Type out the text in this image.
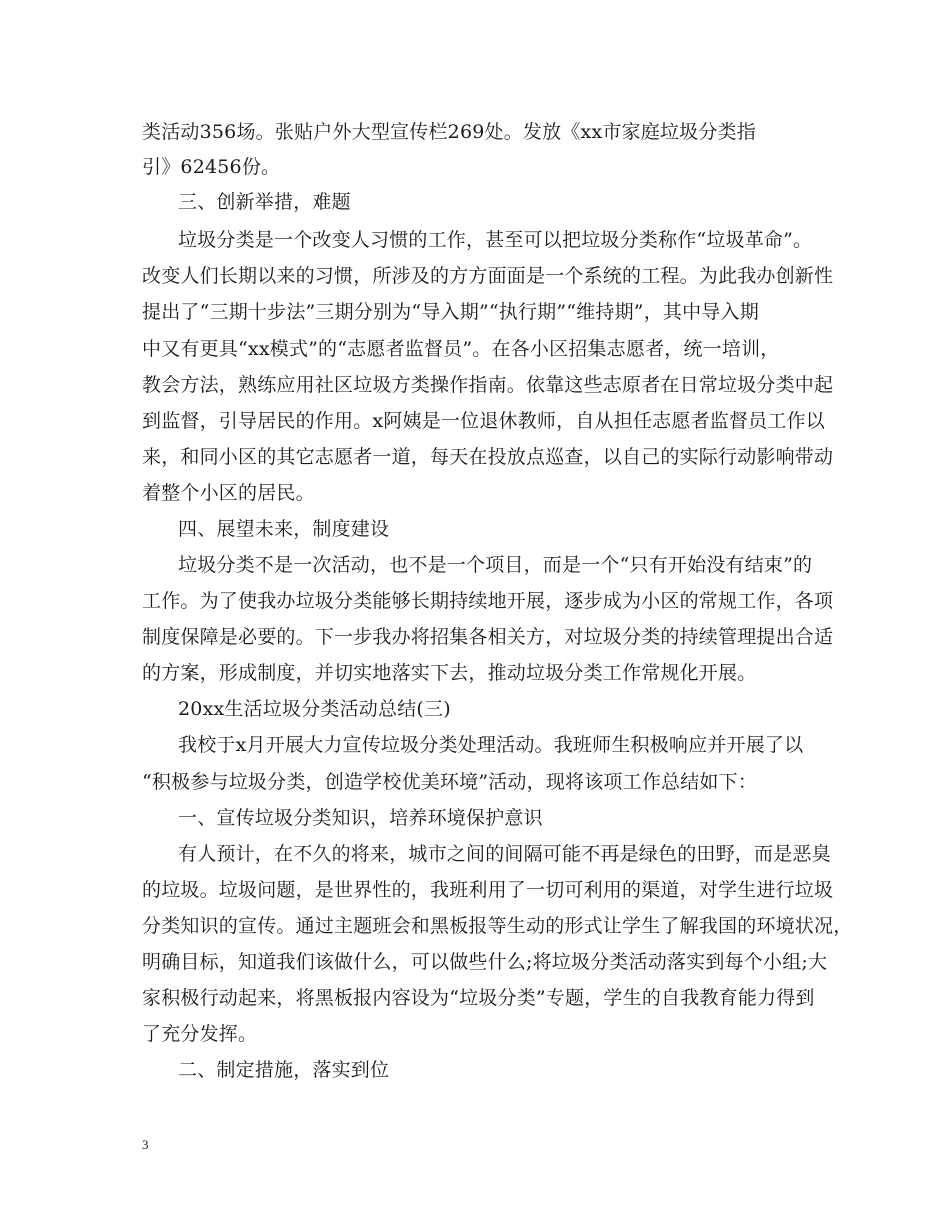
类活动356场。张贴户外大型宣传栏269处。发放《xx市家庭垃圾分类指
引》62456份。
三、创新举措，难题
垃圾分类是一个改变人习惯的工作，甚至可以把垃圾分类称作“垃圾革命”。
改变人们长期以来的习惯，所涉及的方方面面是一个系统的工程。为此我办创新性
提出了“三期十步法”三期分别为“导入期”“执行期”“维持期”，其中导入期
中又有更具“xx模式”的“志愿者监督员”。在各小区招集志愿者，统一培训，
教会方法，熟练应用社区垃圾方类操作指南。依靠这些志原者在日常垃圾分类中起
到监督，引导居民的作用。x阿姨是一位退休教师，自从担任志愿者监督员工作以
来，和同小区的其它志愿者一道，每天在投放点巡查，以自己的实际行动影响带动
着整个小区的居民。
四、展望未来，制度建设
垃圾分类不是一次活动，也不是一个项目，而是一个“只有开始没有结束”的
工作。为了使我办垃圾分类能够长期持续地开展，逐步成为小区的常规工作，各项
制度保障是必要的。下一步我办将招集各相关方，对垃圾分类的持续管理提出合适
的方案，形成制度，并切实地落实下去，推动垃圾分类工作常规化开展。
20xx生活垃圾分类活动总结(三)
我校于x月开展大力宣传垃圾分类处理活动。我班师生积极响应并开展了以
“积极参与垃圾分类，创造学校优美环境”活动，现将该项工作总结如下：
一、宣传垃圾分类知识，培养环境保护意识
有人预计，在不久的将来，城市之间的间隔可能不再是绿色的田野，而是恶臭
的垃圾。垃圾问题，是世界性的，我班利用了一切可利用的渠道，对学生进行垃圾
分类知识的宣传。通过主题班会和黑板报等生动的形式让学生了解我国的环境状况，
明确目标，知道我们该做什么，可以做些什么;将垃圾分类活动落实到每个小组;大
家积极行动起来，将黑板报内容设为“垃圾分类”专题，学生的自我教育能力得到
了充分发挥。
二、制定措施，落实到位
3
